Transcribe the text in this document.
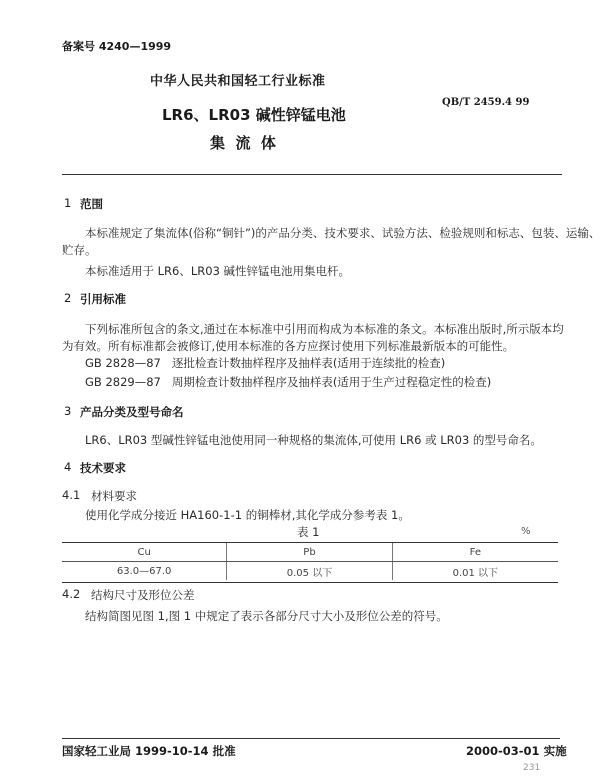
备案号 4240—1999
中华人民共和国轻工行业标准
QB/T 2459.4 99
LR6、LR03 碱性锌锰电池
集  流  体
1 范围
本标准规定了集流体(俗称“铜针”)的产品分类、技术要求、试验方法、检验规则和标志、包装、运输、
贮存。
本标准适用于 LR6、LR03 碱性锌锰电池用集电杆。
2 引用标准
下列标准所包含的条文,通过在本标准中引用而构成为本标准的条文。本标准出版时,所示版本均
为有效。所有标准都会被修订,使用本标准的各方应探讨使用下列标准最新版本的可能性。
GB 2828—87   逐批检查计数抽样程序及抽样表(适用于连续批的检查)
GB 2829—87   周期检查计数抽样程序及抽样表(适用于生产过程稳定性的检查)
3 产品分类及型号命名
LR6、LR03 型碱性锌锰电池使用同一种规格的集流体,可使用 LR6 或 LR03 的型号命名。
4 技术要求
4.1 材料要求
使用化学成分接近 HA160-1-1 的铜棒材,其化学成分参考表 1。
表 1	%
Cu	Pb	Fe
63.0—67.0	0.05 以下	0.01 以下
4.2 结构尺寸及形位公差
结构简图见图 1,图 1 中规定了表示各部分尺寸大小及形位公差的符号。
国家轻工业局 1999-10-14 批准	2000-03-01 实施
231
